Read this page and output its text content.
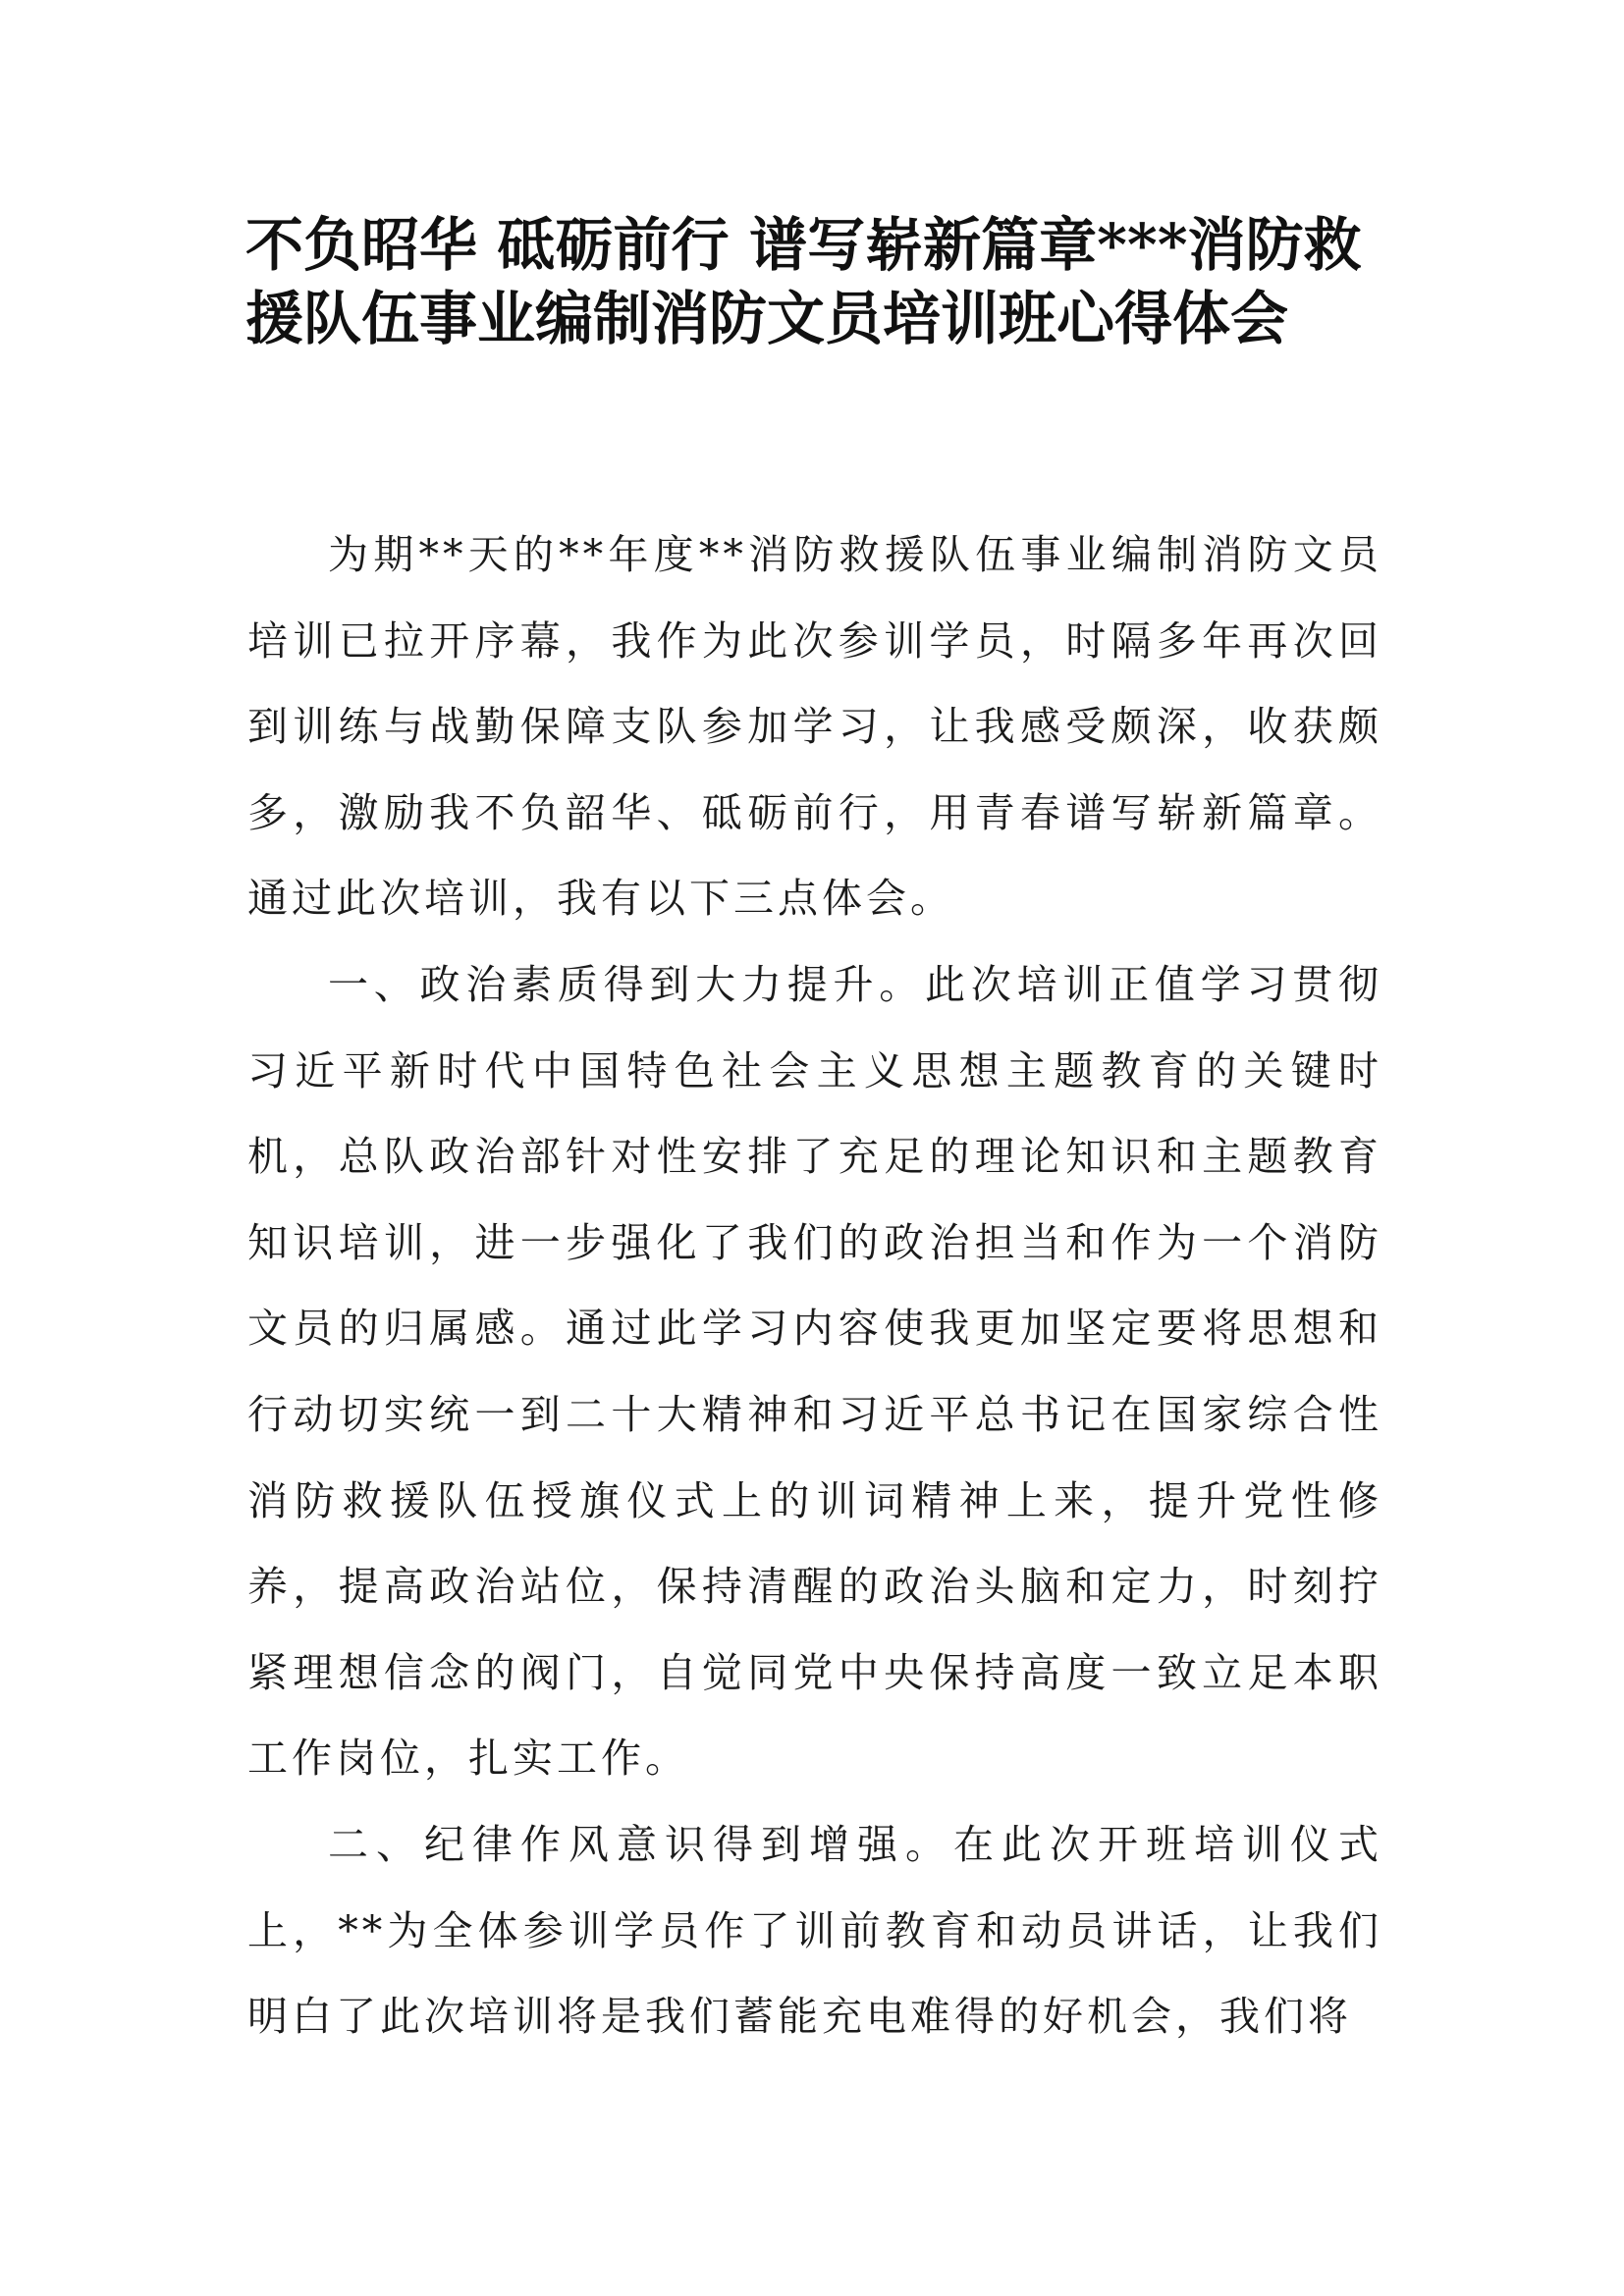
不负昭华 砥砺前行 谱写崭新篇章***消防救援队伍事业编制消防文员培训班心得体会

为期**天的**年度**消防救援队伍事业编制消防文员培训已拉开序幕，我作为此次参训学员，时隔多年再次回到训练与战勤保障支队参加学习，让我感受颇深，收获颇多，激励我不负韶华、砥砺前行，用青春谱写崭新篇章。通过此次培训，我有以下三点体会。

一、政治素质得到大力提升。此次培训正值学习贯彻习近平新时代中国特色社会主义思想主题教育的关键时机，总队政治部针对性安排了充足的理论知识和主题教育知识培训，进一步强化了我们的政治担当和作为一个消防文员的归属感。通过此学习内容使我更加坚定要将思想和行动切实统一到二十大精神和习近平总书记在国家综合性消防救援队伍授旗仪式上的训词精神上来，提升党性修养，提高政治站位，保持清醒的政治头脑和定力，时刻拧紧理想信念的阀门，自觉同党中央保持高度一致立足本职工作岗位，扎实工作。

二、纪律作风意识得到增强。在此次开班培训仪式上，**为全体参训学员作了训前教育和动员讲话，让我们明白了此次培训将是我们蓄能充电难得的好机会，我们将
